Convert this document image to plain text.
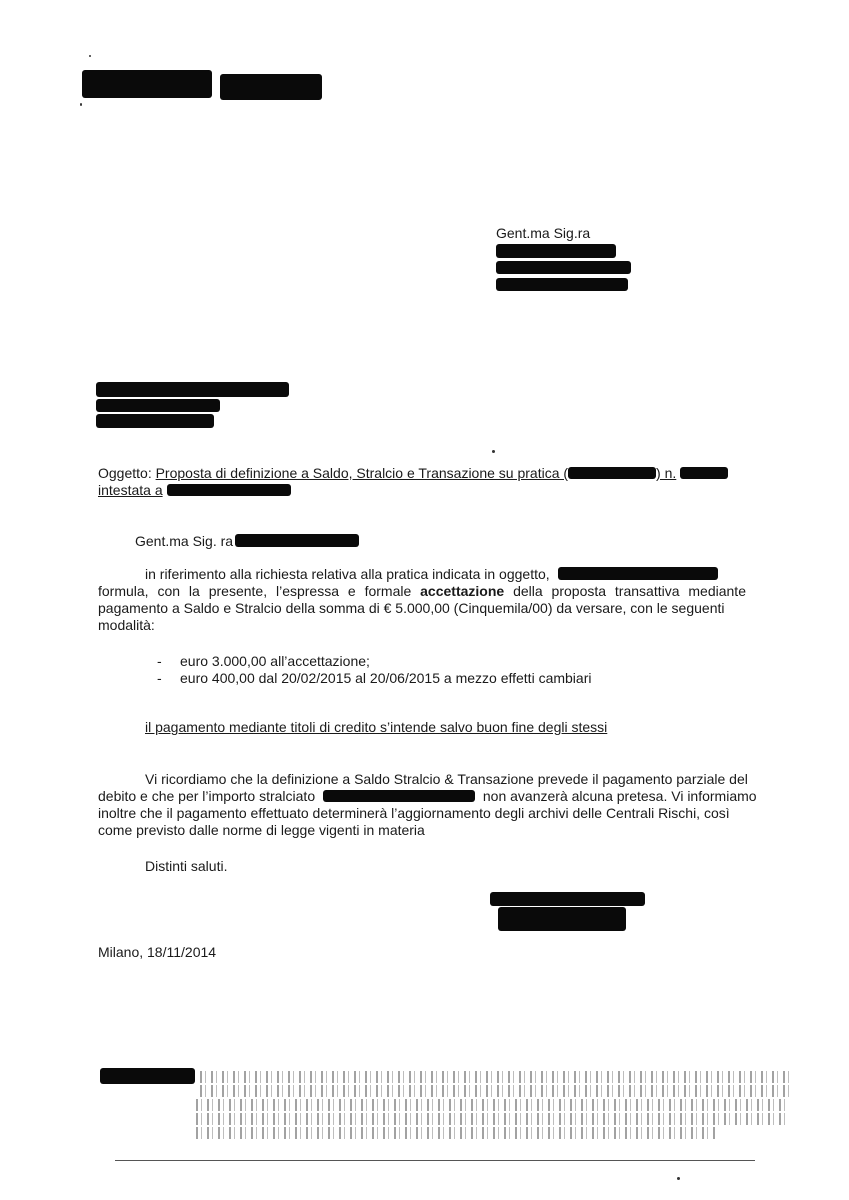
Gent.ma Sig.ra
Oggetto: Proposta di definizione a Saldo, Stralcio e Transazione su pratica (	) n.
intestata a
Gent.ma Sig. ra
in riferimento alla richiesta relativa alla pratica indicata in oggetto,
formula, con la presente, l’espressa e formale accettazione della proposta transattiva mediante
pagamento a Saldo e Stralcio della somma di € 5.000,00 (Cinquemila/00) da versare, con le seguenti
modalità:
- euro 3.000,00 all’accettazione;
- euro 400,00 dal 20/02/2015 al 20/06/2015 a mezzo effetti cambiari
il pagamento mediante titoli di credito s’intende salvo buon fine degli stessi
Vi ricordiamo che la definizione a Saldo Stralcio & Transazione prevede il pagamento parziale del
debito e che per l’importo stralciato	non avanzerà alcuna pretesa. Vi informiamo
inoltre che il pagamento effettuato determinerà l’aggiornamento degli archivi delle Centrali Rischi, così
come previsto dalle norme di legge vigenti in materia
Distinti saluti.
Milano, 18/11/2014
